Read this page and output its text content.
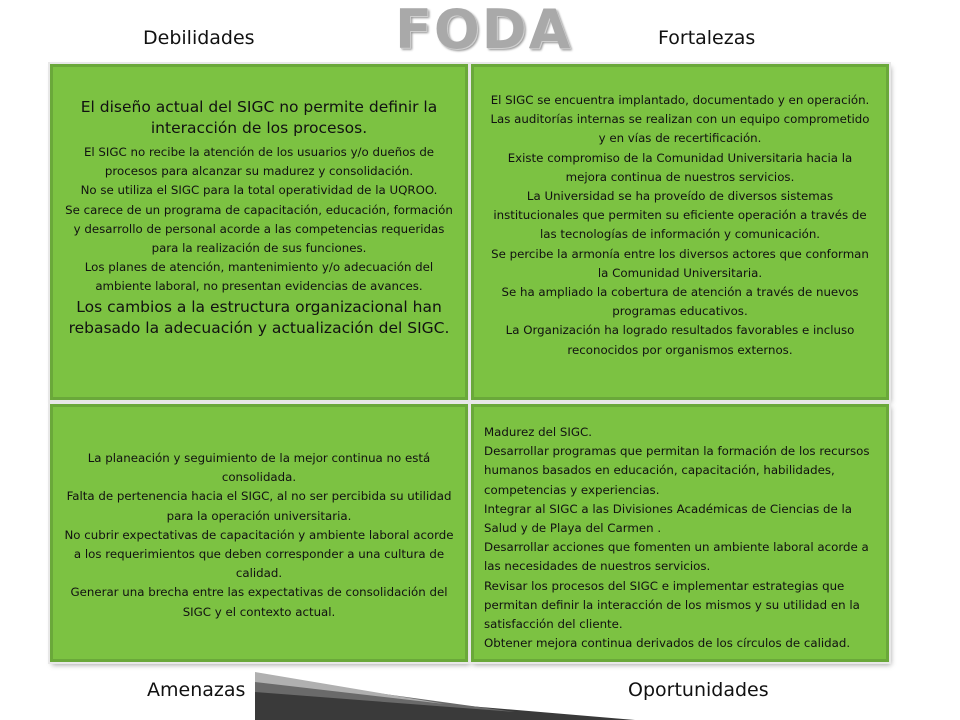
FODA
Debilidades	Fortalezas
Amenazas	Oportunidades

El diseño actual del SIGC no permite definir la interacción de los procesos.

El SIGC no recibe la atención de los usuarios y/o dueños de procesos para alcanzar su madurez y consolidación.

No se utiliza el SIGC para la total operatividad de la UQROO.

Se carece de un programa de capacitación, educación, formación y desarrollo de personal acorde a las competencias requeridas para la realización de sus funciones.

Los planes de atención, mantenimiento y/o adecuación del ambiente laboral, no presentan evidencias de avances.

Los cambios a la estructura organizacional han rebasado la adecuación y actualización del SIGC.

El SIGC se encuentra implantado, documentado y en operación.

Las auditorías internas se realizan con un equipo comprometido y en vías de recertificación.

Existe compromiso de la Comunidad Universitaria hacia la mejora continua de nuestros servicios.

La Universidad se ha proveído de diversos sistemas institucionales que permiten su eficiente operación a través de las tecnologías de información y comunicación.

Se percibe la armonía entre los diversos actores que conforman la Comunidad Universitaria.

Se ha ampliado la cobertura de atención a través de nuevos programas educativos.

La Organización ha logrado resultados favorables e incluso reconocidos por organismos externos.

La planeación y seguimiento de la mejor continua no está consolidada.

Falta de pertenencia hacia el SIGC, al no ser percibida su utilidad para la operación universitaria.

No cubrir expectativas de capacitación y ambiente laboral acorde a los requerimientos que deben corresponder a una cultura de calidad.

Generar una brecha entre las expectativas de consolidación del SIGC y el contexto actual.

Madurez del SIGC.

Desarrollar programas que permitan la formación de los recursos humanos basados en educación, capacitación, habilidades, competencias y experiencias.

Integrar al SIGC a las Divisiones Académicas de Ciencias de la Salud y de Playa del Carmen .

Desarrollar acciones que fomenten un ambiente laboral acorde a las necesidades de nuestros servicios.

Revisar los procesos del SIGC e implementar estrategias que permitan definir la interacción de los mismos y su utilidad en la satisfacción del cliente.

Obtener mejora continua derivados de los círculos de calidad.
